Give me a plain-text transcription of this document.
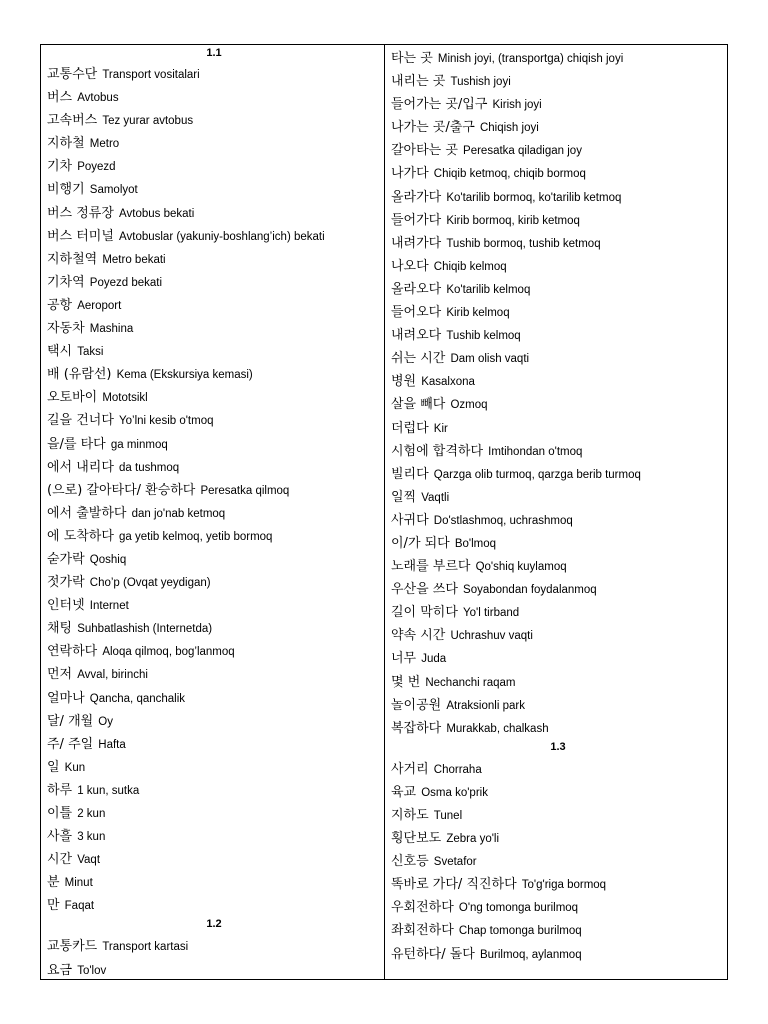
1.1
교통수단 Transport vositalari
버스 Avtobus
고속버스 Tez yurar avtobus
지하철 Metro
기차 Poyezd
비행기 Samolyot
버스 정류장 Avtobus bekati
버스 터미널 Avtobuslar (yakuniy-boshlang’ich) bekati
지하철역 Metro bekati
기차역 Poyezd bekati
공항 Aeroport
자동차 Mashina
택시 Taksi
배 (유람선) Kema (Ekskursiya kemasi)
오토바이 Mototsikl
길을 건너다 Yo’lni kesib o'tmoq
을/를 타다 ga minmoq
에서 내리다 da tushmoq
(으로) 갈아타다/ 환승하다 Peresatka qilmoq
에서 출발하다 dan jo'nab ketmoq
에 도착하다 ga yetib kelmoq, yetib bormoq
숟가락 Qoshiq
젓가락 Cho’p (Ovqat yeydigan)
인터넷 Internet
채팅 Suhbatlashish (Internetda)
연락하다 Aloqa qilmoq, bog’lanmoq
먼저 Avval, birinchi
얼마나 Qancha, qanchalik
달/ 개월 Oy
주/ 주일 Hafta
일 Kun
하루 1 kun, sutka
이틀 2 kun
사흘 3 kun
시간 Vaqt
분 Minut
만 Faqat
1.2
교통카드 Transport kartasi
요금 To'lov
타는 곳 Minish joyi, (transportga) chiqish joyi
내리는 곳 Tushish joyi
들어가는 곳/입구 Kirish joyi
나가는 곳/출구 Chiqish joyi
갈아타는 곳 Peresatka qiladigan joy
나가다 Chiqib ketmoq, chiqib bormoq
올라가다 Ko'tarilib bormoq, ko'tarilib ketmoq
들어가다 Kirib bormoq, kirib ketmoq
내려가다 Tushib bormoq, tushib ketmoq
나오다 Chiqib kelmoq
올라오다 Ko'tarilib kelmoq
들어오다 Kirib kelmoq
내려오다 Tushib kelmoq
쉬는 시간 Dam olish vaqti
병원 Kasalxona
살을 빼다 Ozmoq
더럽다 Kir
시험에 합격하다 Imtihondan o'tmoq
빌리다 Qarzga olib turmoq, qarzga berib turmoq
일찍 Vaqtli
사귀다 Do'stlashmoq, uchrashmoq
이/가 되다 Bo'lmoq
노래를 부르다 Qo'shiq kuylamoq
우산을 쓰다 Soyabondan foydalanmoq
길이 막히다 Yo'l tirband
약속 시간 Uchrashuv vaqti
너무 Juda
몇 번 Nechanchi raqam
놀이공원 Atraksionli park
복잡하다 Murakkab, chalkash
1.3
사거리 Chorraha
육교 Osma ko'prik
지하도 Tunel
횡단보도 Zebra yo'li
신호등 Svetafor
똑바로 가다/ 직진하다 To'g'riga bormoq
우회전하다 O'ng tomonga burilmoq
좌회전하다 Chap tomonga burilmoq
유턴하다/ 돌다 Burilmoq, aylanmoq
